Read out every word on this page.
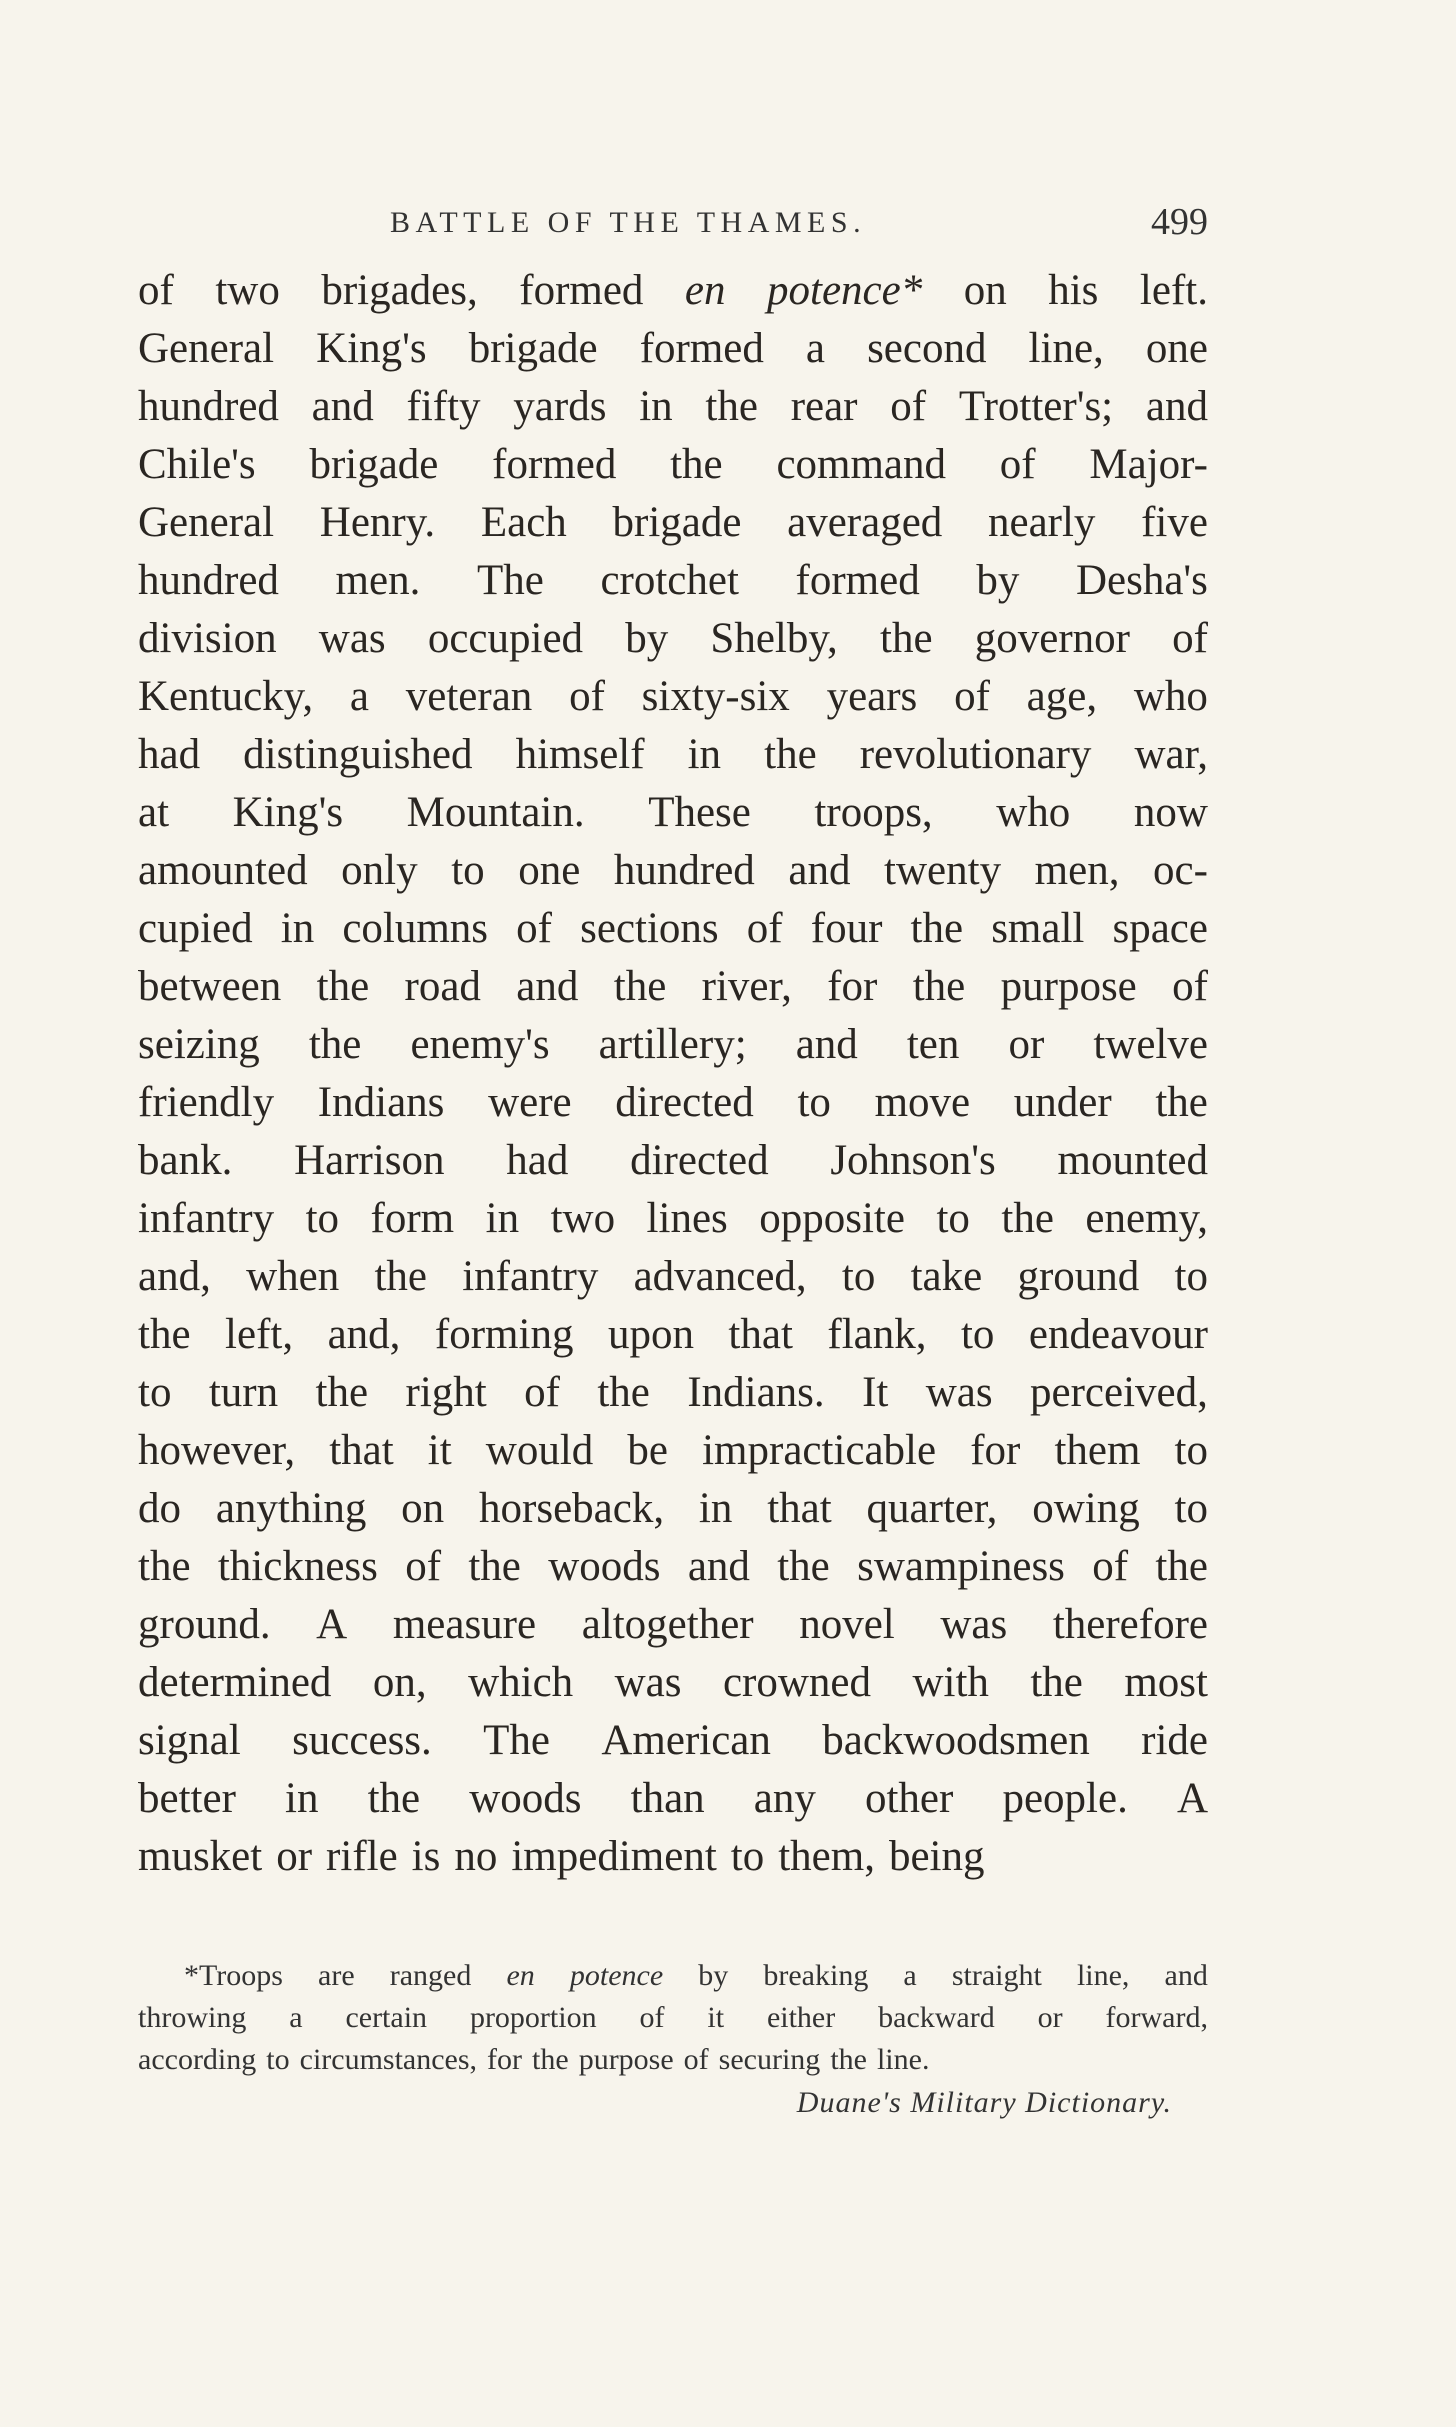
BATTLE OF THE THAMES.	499
of two brigades, formed en potence* on his left.
General King's brigade formed a second line, one
hundred and fifty yards in the rear of Trotter's; and
Chile's brigade formed the command of Major-
General Henry. Each brigade averaged nearly five
hundred men. The crotchet formed by Desha's
division was occupied by Shelby, the governor of
Kentucky, a veteran of sixty-six years of age, who
had distinguished himself in the revolutionary war,
at King's Mountain. These troops, who now
amounted only to one hundred and twenty men, oc-
cupied in columns of sections of four the small space
between the road and the river, for the purpose of
seizing the enemy's artillery; and ten or twelve
friendly Indians were directed to move under the
bank. Harrison had directed Johnson's mounted
infantry to form in two lines opposite to the enemy,
and, when the infantry advanced, to take ground to
the left, and, forming upon that flank, to endeavour
to turn the right of the Indians. It was perceived,
however, that it would be impracticable for them to
do anything on horseback, in that quarter, owing to
the thickness of the woods and the swampiness of the
ground. A measure altogether novel was therefore
determined on, which was crowned with the most
signal success. The American backwoodsmen ride
better in the woods than any other people. A
musket or rifle is no impediment to them, being
*Troops are ranged en potence by breaking a straight line, and
throwing a certain proportion of it either backward or forward,
according to circumstances, for the purpose of securing the line.
Duane's Military Dictionary.
